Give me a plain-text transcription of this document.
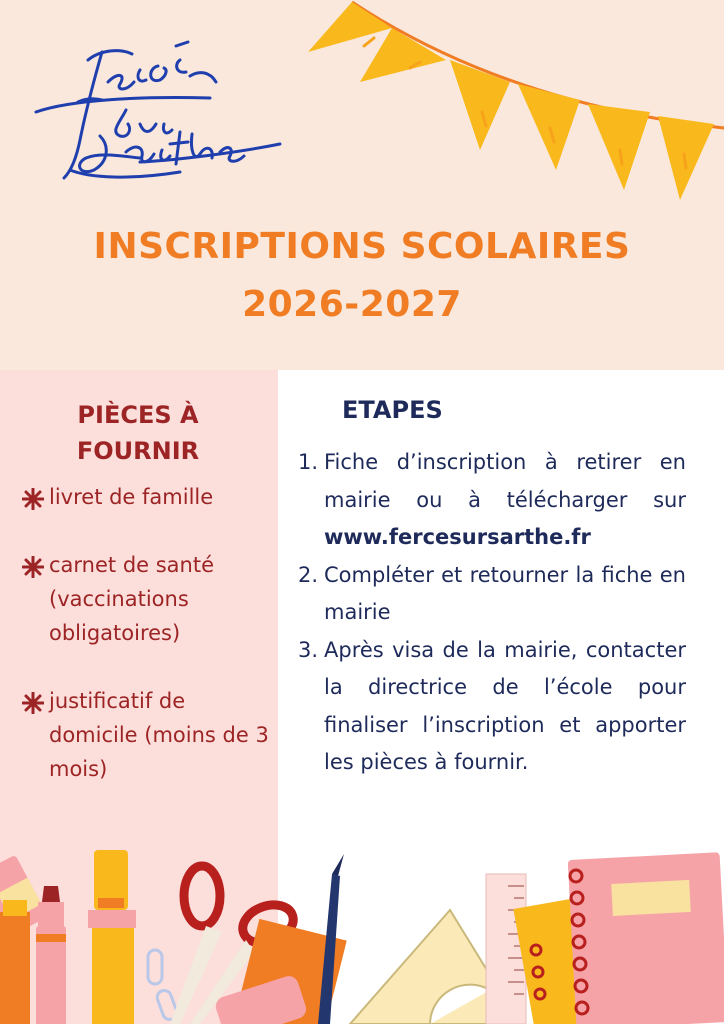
INSCRIPTIONS SCOLAIRES
2026-2027
PIÈCES À FOURNIR
livret de famille
carnet de santé (vaccinations obligatoires)
justificatif de domicile (moins de 3 mois)
ETAPES
1. Fiche d’inscription à retirer en mairie ou à télécharger sur www.fercesursarthe.fr
2. Compléter et retourner la fiche en mairie
3. Après visa de la mairie, contacter la directrice de l’école pour finaliser l’inscription et apporter les pièces à fournir.
